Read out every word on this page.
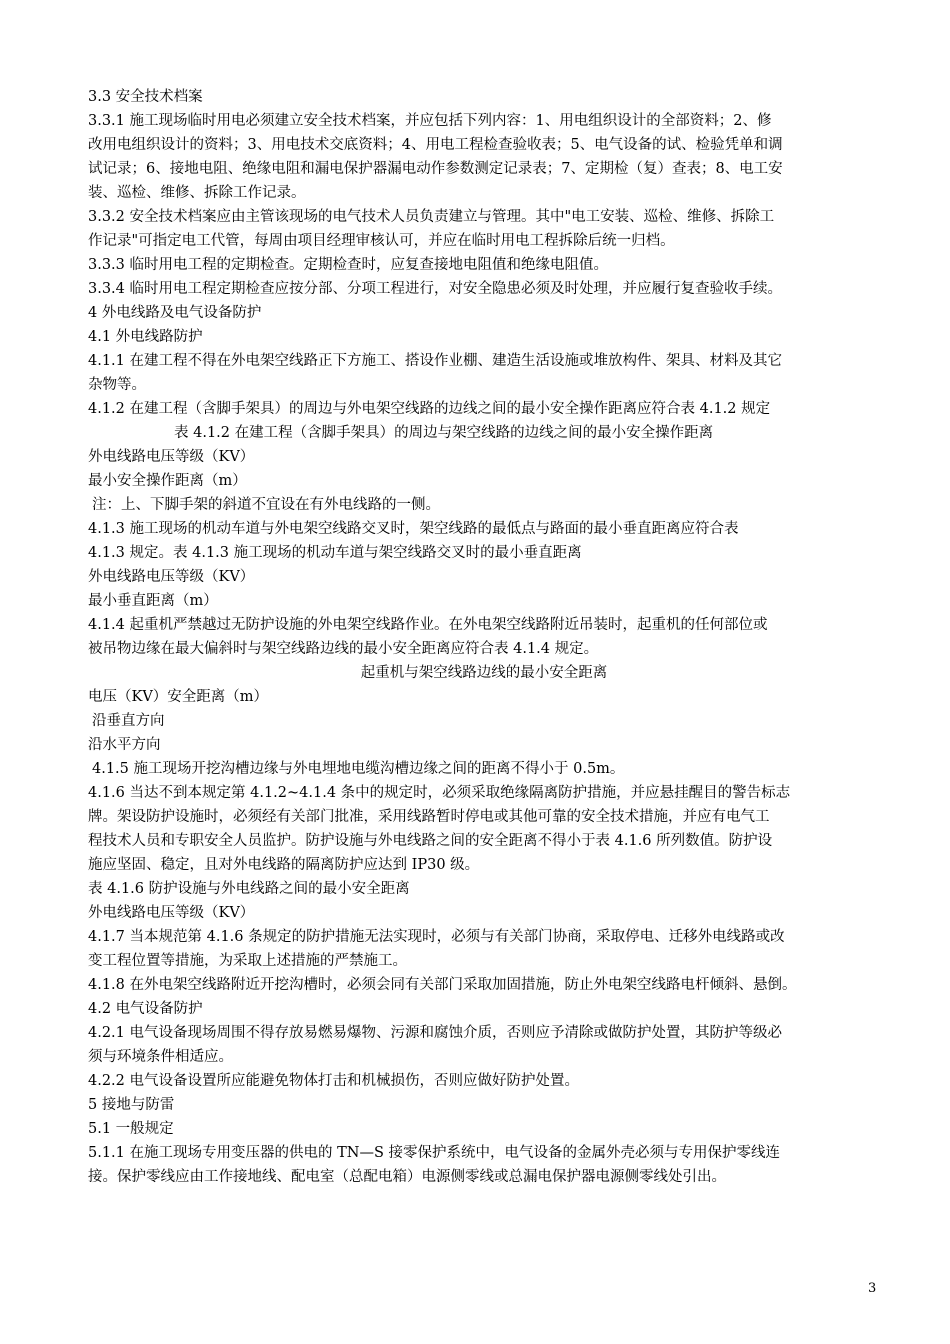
3.3 安全技术档案
3.3.1 施工现场临时用电必须建立安全技术档案，并应包括下列内容：1、用电组织设计的全部资料；2、修
改用电组织设计的资料；3、用电技术交底资料；4、用电工程检查验收表；5、电气设备的试、检验凭单和调
试记录；6、接地电阻、绝缘电阻和漏电保护器漏电动作参数测定记录表；7、定期检（复）查表；8、电工安
装、巡检、维修、拆除工作记录。
3.3.2 安全技术档案应由主管该现场的电气技术人员负责建立与管理。其中"电工安装、巡检、维修、拆除工
作记录"可指定电工代管，每周由项目经理审核认可，并应在临时用电工程拆除后统一归档。
3.3.3 临时用电工程的定期检查。定期检查时，应复查接地电阻值和绝缘电阻值。
3.3.4 临时用电工程定期检查应按分部、分项工程进行，对安全隐患必须及时处理，并应履行复查验收手续。
4 外电线路及电气设备防护
4.1 外电线路防护
4.1.1 在建工程不得在外电架空线路正下方施工、搭设作业棚、建造生活设施或堆放构件、架具、材料及其它
杂物等。
4.1.2 在建工程（含脚手架具）的周边与外电架空线路的边线之间的最小安全操作距离应符合表 4.1.2 规定
表 4.1.2 在建工程（含脚手架具）的周边与架空线路的边线之间的最小安全操作距离
外电线路电压等级（KV）
最小安全操作距离（m）
注：上、下脚手架的斜道不宜设在有外电线路的一侧。
4.1.3 施工现场的机动车道与外电架空线路交叉时，架空线路的最低点与路面的最小垂直距离应符合表
4.1.3 规定。表 4.1.3 施工现场的机动车道与架空线路交叉时的最小垂直距离
外电线路电压等级（KV）
最小垂直距离（m）
4.1.4 起重机严禁越过无防护设施的外电架空线路作业。在外电架空线路附近吊装时，起重机的任何部位或
被吊物边缘在最大偏斜时与架空线路边线的最小安全距离应符合表 4.1.4 规定。
起重机与架空线路边线的最小安全距离
电压（KV）安全距离（m）
沿垂直方向
沿水平方向
4.1.5 施工现场开挖沟槽边缘与外电埋地电缆沟槽边缘之间的距离不得小于 0.5m。
4.1.6 当达不到本规定第 4.1.2~4.1.4 条中的规定时，必须采取绝缘隔离防护措施，并应悬挂醒目的警告标志
牌。架设防护设施时，必须经有关部门批准，采用线路暂时停电或其他可靠的安全技术措施，并应有电气工
程技术人员和专职安全人员监护。防护设施与外电线路之间的安全距离不得小于表 4.1.6 所列数值。防护设
施应坚固、稳定，且对外电线路的隔离防护应达到 IP30 级。
表 4.1.6 防护设施与外电线路之间的最小安全距离
外电线路电压等级（KV）
4.1.7 当本规范第 4.1.6 条规定的防护措施无法实现时，必须与有关部门协商，采取停电、迁移外电线路或改
变工程位置等措施，为采取上述措施的严禁施工。
4.1.8 在外电架空线路附近开挖沟槽时，必须会同有关部门采取加固措施，防止外电架空线路电杆倾斜、悬倒。
4.2 电气设备防护
4.2.1 电气设备现场周围不得存放易燃易爆物、污源和腐蚀介质，否则应予清除或做防护处置，其防护等级必
须与环境条件相适应。
4.2.2 电气设备设置所应能避免物体打击和机械损伤，否则应做好防护处置。
5 接地与防雷
5.1 一般规定
5.1.1 在施工现场专用变压器的供电的 TN—S 接零保护系统中，电气设备的金属外壳必须与专用保护零线连
接。保护零线应由工作接地线、配电室（总配电箱）电源侧零线或总漏电保护器电源侧零线处引出。
3
